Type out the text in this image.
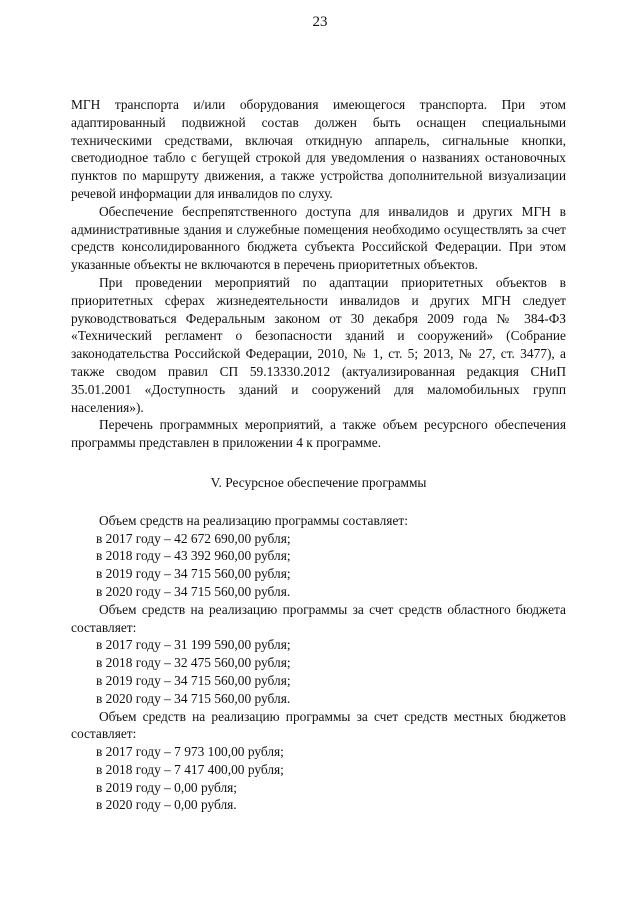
23

МГН транспорта и/или оборудования имеющегося транспорта. При этом адаптированный подвижной состав должен быть оснащен специальными техническими средствами, включая откидную аппарель, сигнальные кнопки, светодиодное табло с бегущей строкой для уведомления о названиях остановочных пунктов по маршруту движения, а также устройства дополнительной визуализации речевой информации для инвалидов по слуху.

Обеспечение беспрепятственного доступа для инвалидов и других МГН в административные здания и служебные помещения необходимо осуществлять за счет средств консолидированного бюджета субъекта Российской Федерации. При этом указанные объекты не включаются в перечень приоритетных объектов.

При проведении мероприятий по адаптации приоритетных объектов в приоритетных сферах жизнедеятельности инвалидов и других МГН следует руководствоваться Федеральным законом от 30 декабря 2009 года № 384-ФЗ «Технический регламент о безопасности зданий и сооружений» (Собрание законодательства Российской Федерации, 2010, № 1, ст. 5; 2013, № 27, ст. 3477), а также сводом правил СП 59.13330.2012 (актуализированная редакция СНиП 35.01.2001 «Доступность зданий и сооружений для маломобильных групп населения»).

Перечень программных мероприятий, а также объем ресурсного обеспечения программы представлен в приложении 4 к программе.

V. Ресурсное обеспечение программы

Объем средств на реализацию программы составляет:

в 2017 году – 42 672 690,00 рубля;
в 2018 году – 43 392 960,00 рубля;
в 2019 году – 34 715 560,00 рубля;
в 2020 году – 34 715 560,00 рубля.

Объем средств на реализацию программы за счет средств областного бюджета составляет:

в 2017 году – 31 199 590,00 рубля;
в 2018 году – 32 475 560,00 рубля;
в 2019 году – 34 715 560,00 рубля;
в 2020 году – 34 715 560,00 рубля.

Объем средств на реализацию программы за счет средств местных бюджетов составляет:

в 2017 году – 7 973 100,00 рубля;
в 2018 году – 7 417 400,00 рубля;
в 2019 году – 0,00 рубля;
в 2020 году – 0,00 рубля.
